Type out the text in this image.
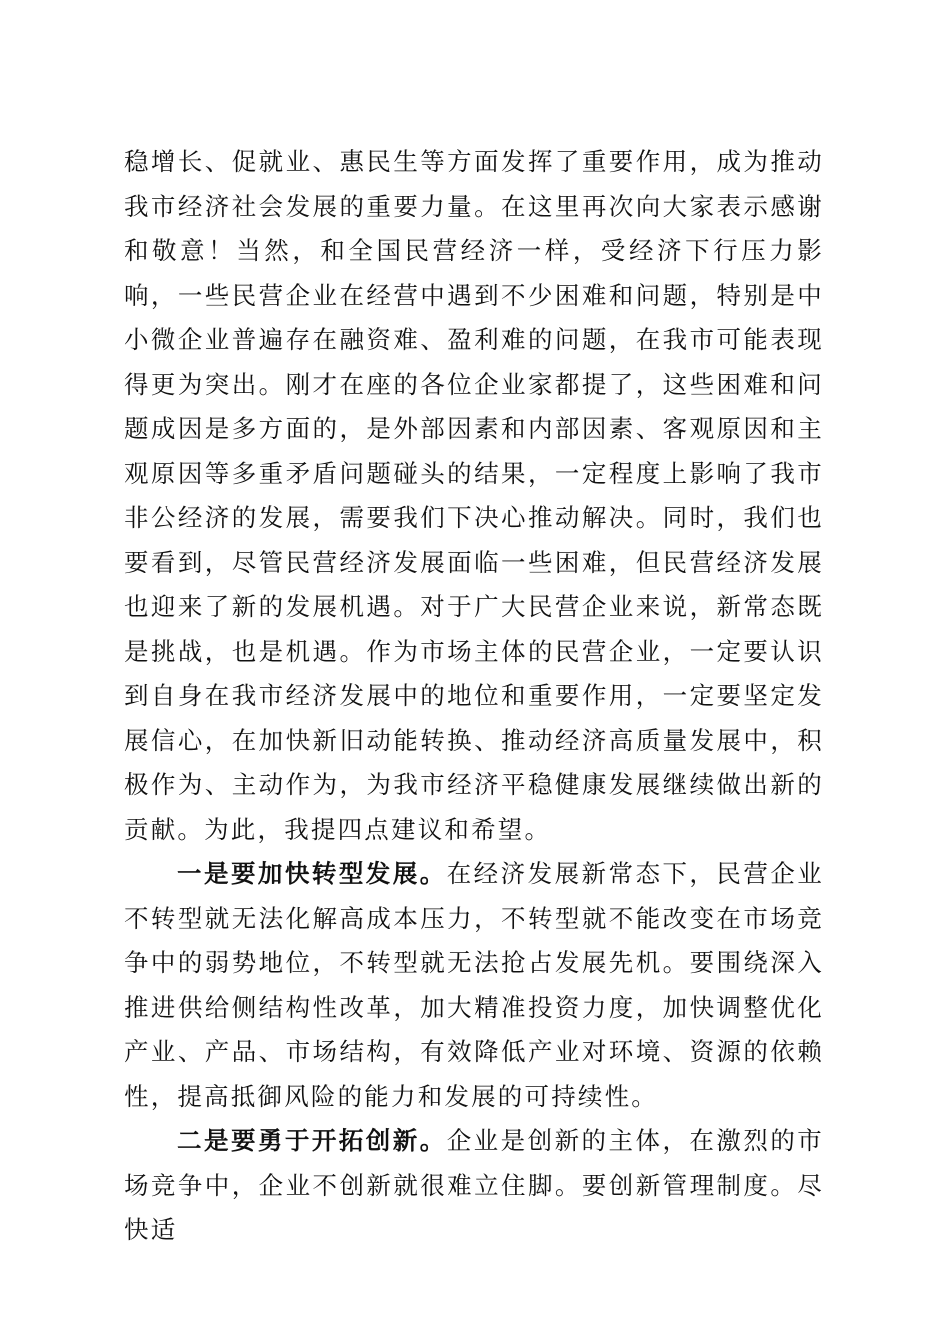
稳增长、促就业、惠民生等方面发挥了重要作用，成为推动我市经济社会发展的重要力量。在这里再次向大家表示感谢和敬意！当然，和全国民营经济一样，受经济下行压力影响，一些民营企业在经营中遇到不少困难和问题，特别是中小微企业普遍存在融资难、盈利难的问题，在我市可能表现得更为突出。刚才在座的各位企业家都提了，这些困难和问题成因是多方面的，是外部因素和内部因素、客观原因和主观原因等多重矛盾问题碰头的结果，一定程度上影响了我市非公经济的发展，需要我们下决心推动解决。同时，我们也要看到，尽管民营经济发展面临一些困难，但民营经济发展也迎来了新的发展机遇。对于广大民营企业来说，新常态既是挑战，也是机遇。作为市场主体的民营企业，一定要认识到自身在我市经济发展中的地位和重要作用，一定要坚定发展信心，在加快新旧动能转换、推动经济高质量发展中，积极作为、主动作为，为我市经济平稳健康发展继续做出新的贡献。为此，我提四点建议和希望。

一是要加快转型发展。在经济发展新常态下，民营企业不转型就无法化解高成本压力，不转型就不能改变在市场竞争中的弱势地位，不转型就无法抢占发展先机。要围绕深入推进供给侧结构性改革，加大精准投资力度，加快调整优化产业、产品、市场结构，有效降低产业对环境、资源的依赖性，提高抵御风险的能力和发展的可持续性。

二是要勇于开拓创新。企业是创新的主体，在激烈的市场竞争中，企业不创新就很难立住脚。要创新管理制度。尽快适
